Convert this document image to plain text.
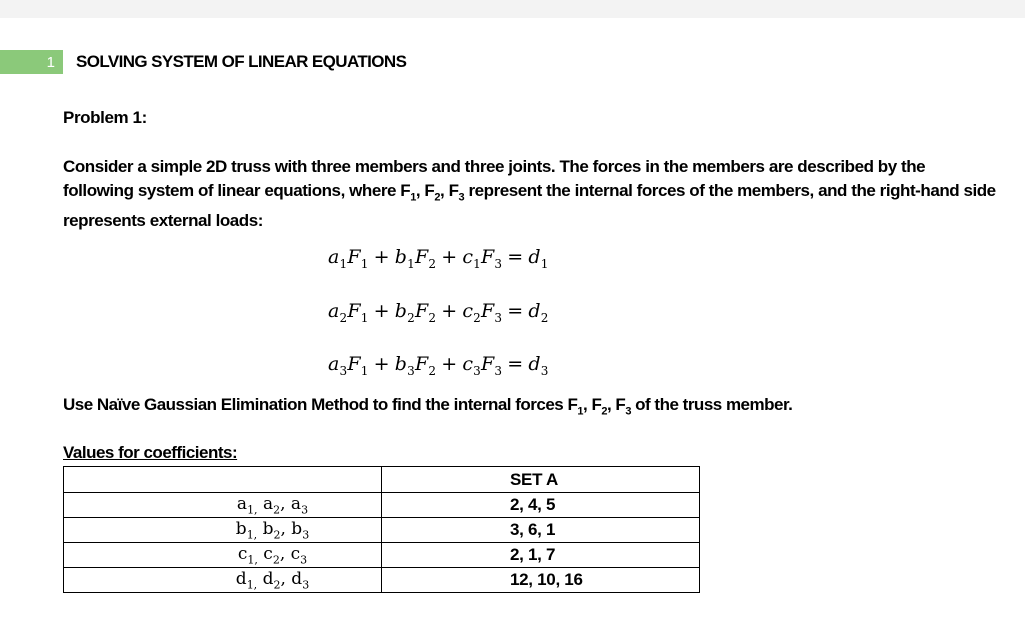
1	SOLVING SYSTEM OF LINEAR EQUATIONS
Problem 1:
Consider a simple 2D truss with three members and three joints. The forces in the members are described by the following system of linear equations, where $F_1$, $F_2$, $F_3$ represent the internal forces of the members, and the right-hand side represents external loads:
$a_1F_1 + b_1F_2 + c_1F_3 = d_1$
$a_2F_1 + b_2F_2 + c_2F_3 = d_2$
$a_3F_1 + b_3F_2 + c_3F_3 = d_3$
Use Naïve Gaussian Elimination Method to find the internal forces $F_1$, $F_2$, $F_3$ of the truss member.
Values for coefficients:
	SET A
$a_{1,}$ $a_2$, $a_3$	2, 4, 5
$b_{1,}$ $b_2$, $b_3$	3, 6, 1
$c_{1,}$ $c_2$, $c_3$	2, 1, 7
$d_{1,}$ $d_2$, $d_3$	12, 10, 16
